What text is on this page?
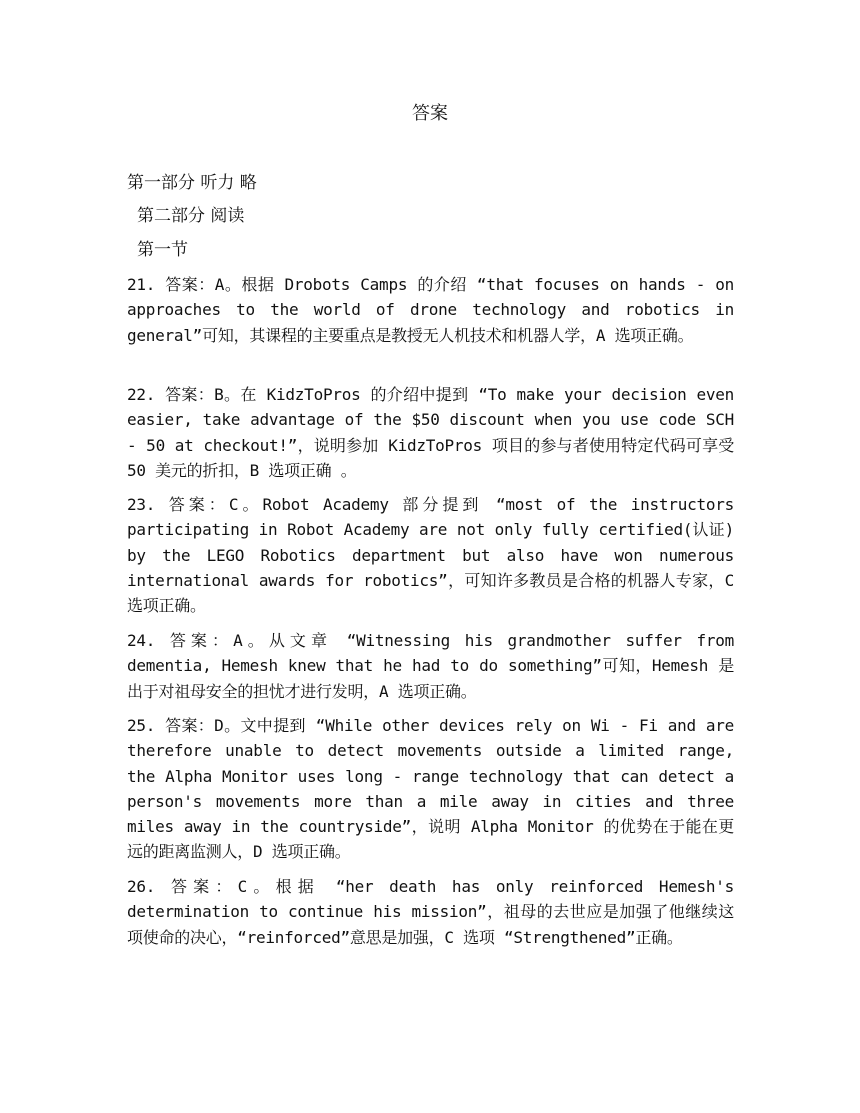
答案
第一部分 听力 略
第二部分 阅读
第一节
21. 答案：A。根据 Drobots Camps 的介绍 “that focuses on hands - on approaches to the world of drone technology and robotics in general”可知，其课程的主要重点是教授无人机技术和机器人学，A 选项正确。
22. 答案：B。在 KidzToPros 的介绍中提到 “To make your decision even easier, take advantage of the $50 discount when you use code SCH - 50 at checkout!”，说明参加 KidzToPros 项目的参与者使用特定代码可享受 50 美元的折扣，B 选项正确 。
23. 答案：C。Robot Academy 部分提到 “most of the instructors participating in Robot Academy are not only fully certified(认证) by the LEGO Robotics department but also have won numerous international awards for robotics”，可知许多教员是合格的机器人专家，C 选项正确。
24. 答案：A。从文章 “Witnessing his grandmother suffer from dementia, Hemesh knew that he had to do something”可知，Hemesh 是出于对祖母安全的担忧才进行发明，A 选项正确。
25. 答案：D。文中提到 “While other devices rely on Wi - Fi and are therefore unable to detect movements outside a limited range, the Alpha Monitor uses long - range technology that can detect a person's movements more than a mile away in cities and three miles away in the countryside”，说明 Alpha Monitor 的优势在于能在更远的距离监测人，D 选项正确。
26. 答案：C。根据 “her death has only reinforced Hemesh's determination to continue his mission”，祖母的去世应是加强了他继续这项使命的决心，“reinforced”意思是加强，C 选项 “Strengthened”正确。
